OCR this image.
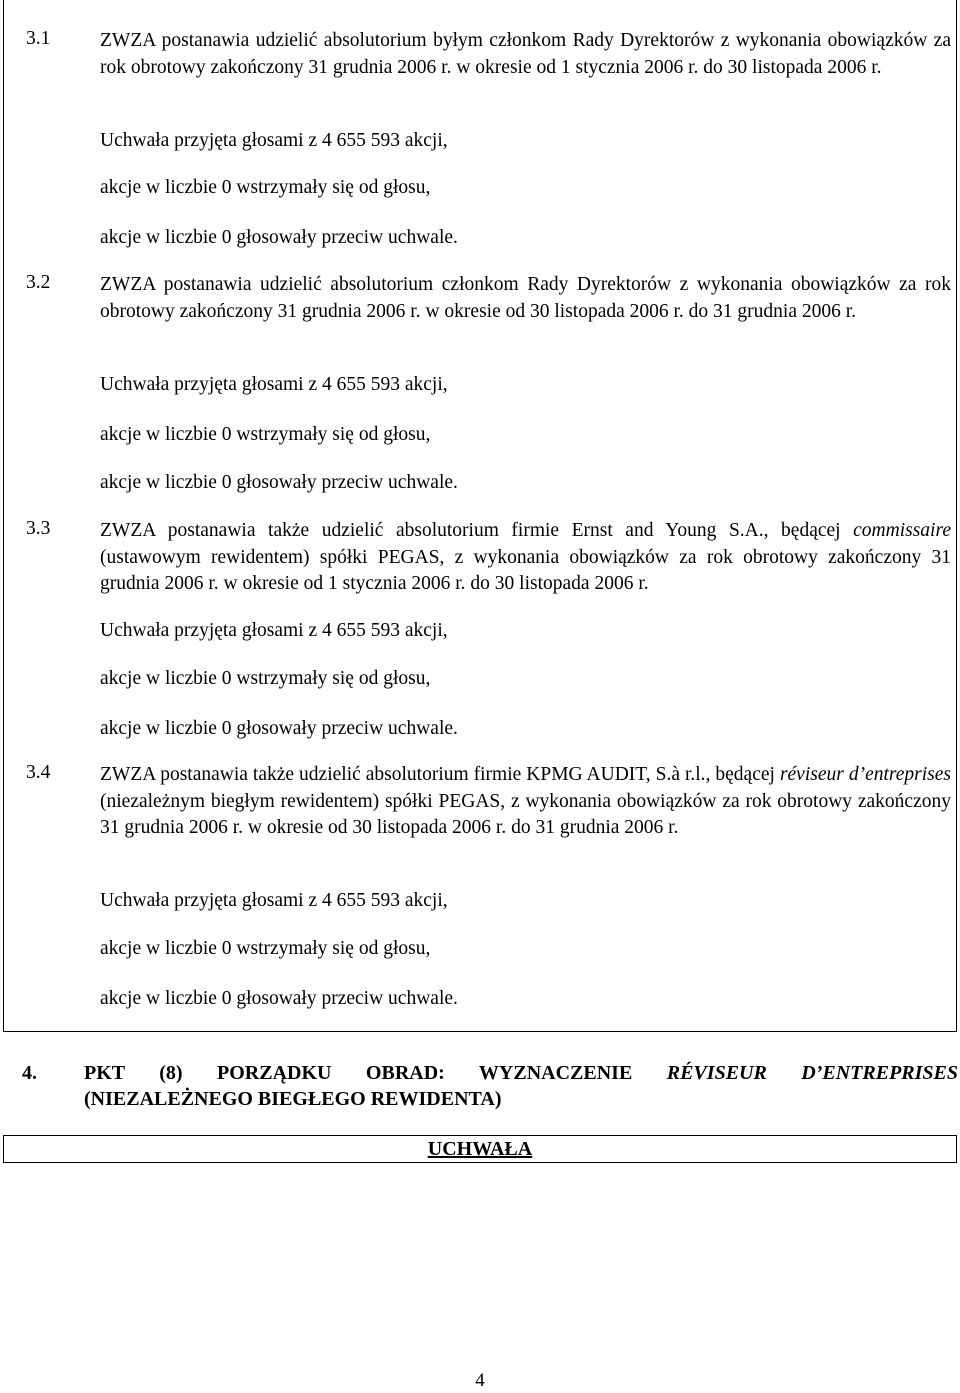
3.1	ZWZA postanawia udzielić absolutorium byłym członkom Rady Dyrektorów z wykonania obowiązków za rok obrotowy zakończony 31 grudnia 2006 r. w okresie od 1 stycznia 2006 r. do 30 listopada 2006 r.
Uchwała przyjęta głosami z 4 655 593 akcji,
akcje w liczbie 0 wstrzymały się od głosu,
akcje w liczbie 0 głosowały przeciw uchwale.
3.2	ZWZA postanawia udzielić absolutorium członkom Rady Dyrektorów z wykonania obowiązków za rok obrotowy zakończony 31 grudnia 2006 r. w okresie od 30 listopada 2006 r. do 31 grudnia 2006 r.
Uchwała przyjęta głosami z 4 655 593 akcji,
akcje w liczbie 0 wstrzymały się od głosu,
akcje w liczbie 0 głosowały przeciw uchwale.
3.3	ZWZA postanawia także udzielić absolutorium firmie Ernst and Young S.A., będącej commissaire (ustawowym rewidentem) spółki PEGAS, z wykonania obowiązków za rok obrotowy zakończony 31 grudnia 2006 r. w okresie od 1 stycznia 2006 r. do 30 listopada 2006 r.
Uchwała przyjęta głosami z 4 655 593 akcji,
akcje w liczbie 0 wstrzymały się od głosu,
akcje w liczbie 0 głosowały przeciw uchwale.
3.4	ZWZA postanawia także udzielić absolutorium firmie KPMG AUDIT, S.à r.l., będącej réviseur d’entreprises (niezależnym biegłym rewidentem) spółki PEGAS, z wykonania obowiązków za rok obrotowy zakończony 31 grudnia 2006 r. w okresie od 30 listopada 2006 r. do 31 grudnia 2006 r.
Uchwała przyjęta głosami z 4 655 593 akcji,
akcje w liczbie 0 wstrzymały się od głosu,
akcje w liczbie 0 głosowały przeciw uchwale.
4. PKT (8) PORZĄDKU OBRAD: WYZNACZENIE RÉVISEUR D’ENTREPRISES
(NIEZALEŻNEGO BIEGŁEGO REWIDENTA)
UCHWAŁA
4
